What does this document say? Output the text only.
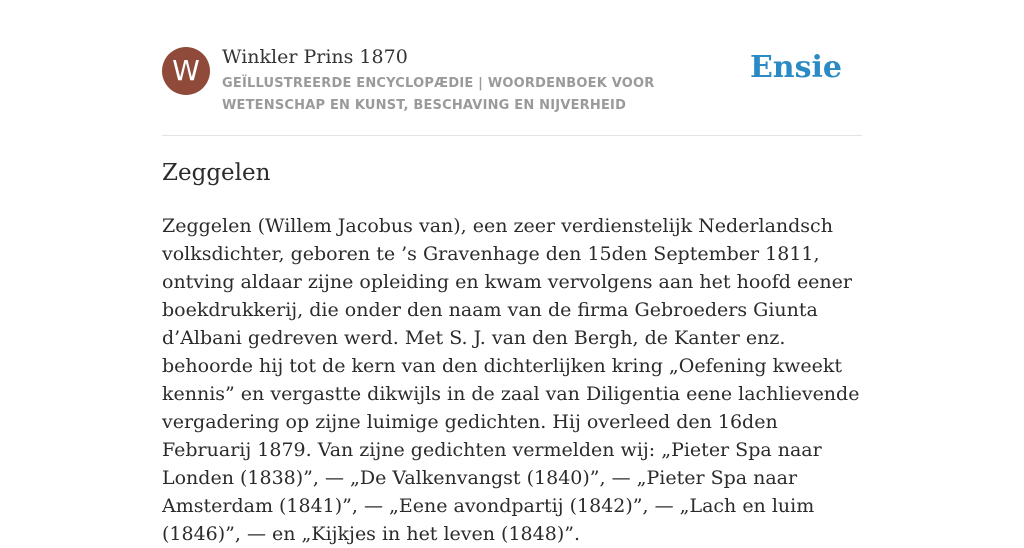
W	Winkler Prins 1870
GEÏLLUSTREERDE ENCYCLOPÆDIE | WOORDENBOEK VOOR WETENSCHAP EN KUNST, BESCHAVING EN NIJVERHEID
Ensie
Zeggelen

Zeggelen (Willem Jacobus van), een zeer verdienstelijk Nederlandsch volksdichter, geboren te ’s Gravenhage den 15den September 1811, ontving aldaar zijne opleiding en kwam vervolgens aan het hoofd eener boekdrukkerij, die onder den naam van de firma Gebroeders Giunta d’Albani gedreven werd. Met S. J. van den Bergh, de Kanter enz. behoorde hij tot de kern van den dichterlijken kring „Oefening kweekt kennis” en vergastte dikwijls in de zaal van Diligentia eene lachlievende vergadering op zijne luimige gedichten. Hij overleed den 16den Februarij 1879. Van zijne gedichten vermelden wij: „Pieter Spa naar Londen (1838)”, — „De Valkenvangst (1840)”, — „Pieter Spa naar Amsterdam (1841)”, — „Eene avondpartij (1842)”, — „Lach en luim (1846)”, — en „Kijkjes in het leven (1848)”.
